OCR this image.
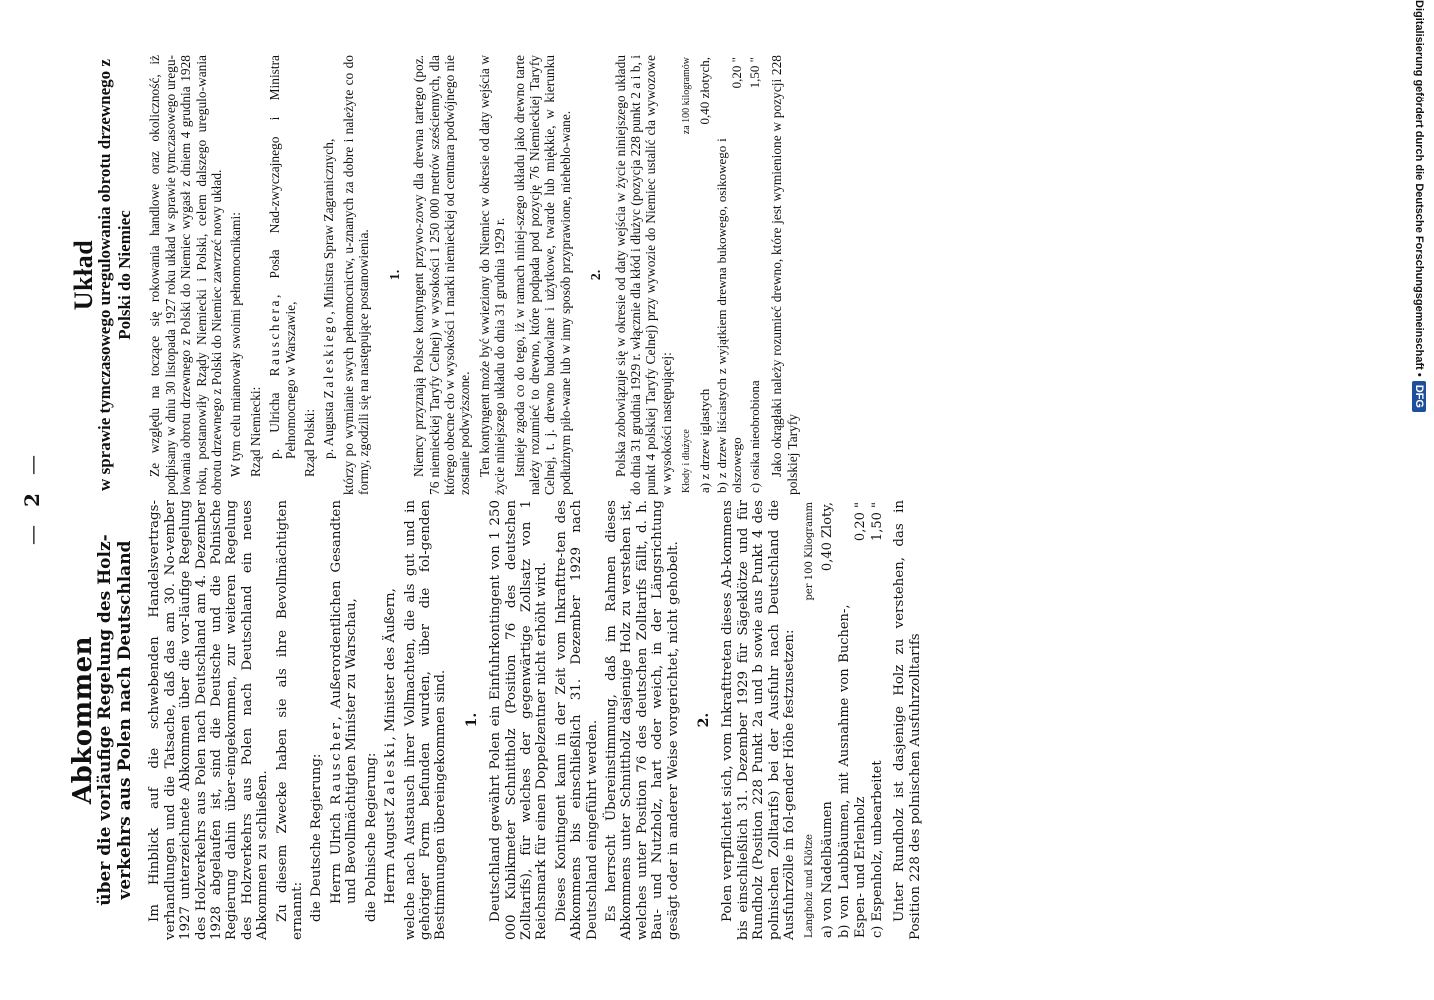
—2—
Abkommen
über die vorläufige Regelung des Holz-verkehrs aus Polen nach Deutschland Im Hinblick auf die schwebenden Handelsvertrags-verhandlungen und die Tatsache, daß das am 30. No-vember 1927 unterzeichnete Abkommen über die vor-läufige Regelung des Holzverkehrs aus Polen nach Deutschland am 4. Dezember 1928 abgelaufen ist, sind die Deutsche und die Polnische Regierung dahin über-eingekommen, zur weiteren Regelung des Holzverkehrs aus Polen nach Deutschland ein neues Abkommen zu schließen. Zu diesem Zwecke haben sie als ihre Bevollmächtigten ernannt: die Deutsche Regierung: Herrn Ulrich Rauscher, Außerordentlichen Gesandten und Bevollmächtigten Minister zu Warschau, die Polnische Regierung: Herrn August Zaleski, Minister des Äußern, welche nach Austausch ihrer Vollmachten, die als gut und in gehöriger Form befunden wurden, über die fol-genden Bestimmungen übereingekommen sind. 1. Deutschland gewährt Polen ein Einfuhrkontingent von 1 250 000 Kubikmeter Schnittholz (Position 76 des deutschen Zolltarifs), für welches der gegenwärtige Zollsatz von 1 Reichsmark für einen Doppelzentner nicht erhöht wird. Dieses Kontingent kann in der Zeit vom Inkrafttre-ten des Abkommens bis einschließlich 31. Dezember 1929 nach Deutschland eingeführt werden. Es herrscht Übereinstimmung, daß im Rahmen dieses Abkommens unter Schnittholz dasjenige Holz zu verstehen ist, welches unter Position 76 des deutschen Zolltarifs fällt, d. h. Bau- und Nutzholz, hart oder weich, in der Längsrichtung gesägt oder in anderer Weise vorgerichtet, nicht gehobelt. 2. Polen verpflichtet sich, vom Inkrafttreten dieses Ab-kommens bis einschließlich 31. Dezember 1929 für Sägeklötze und für Rundholz (Position 228 Punkt 2a und b sowie aus Punkt 4 des polnischen Zolltarifs) bei der Ausfuhr nach Deutschland die Ausfuhrzölle in fol-gender Höhe festzusetzen: Langholz und Klötze	per 100 Kilogramm
a) von Nadelbäumen	0,40 Zloty,
b) von Laubbäumen, mit Ausnahme von Buchen-, Espen- und Erlenholz	0,20 "
c) Espenholz, unbearbeitet	1,50 " Unter Rundholz ist dasjenige Holz zu verstehen, das in Position 228 des polnischen Ausfuhrzolltarifs

Układ
w sprawie tymczasowego uregulowania obrotu drzewnego z Polski do Niemiec Ze względu na toczące się rokowania handlowe oraz okoliczność, iż podpisany w dniu 30 listopada 1927 roku układ w sprawie tymczasowego uregu-lowania obrotu drzewnego z Polski do Niemiec wygasł z dniem 4 grudnia 1928 roku, postanowiły Rządy Niemiecki i Polski, celem dalszego uregulo-wania obrotu drzewnego z Polski do Niemiec zawrzeć nowy układ. W tym celu mianowały swoimi pełnomocnikami: Rząd Niemiecki: p. Ulricha Rauschera, Posła Nad-zwyczajnego i Ministra Pełnomocnego w Warszawie, Rząd Polski: p. Augusta Zaleskiego, Ministra Spraw Zagranicznych, którzy po wymianie swych pełnomocnictw, u-znanych za dobre i należyte co do formy, zgodzili się na następujące postanowienia. 1. Niemcy przyznają Polsce kontyngent przywo-zowy dla drewna tartego (poz. 76 niemieckiej Taryfy Celnej) w wysokości 1 250 000 metrów sześciennych, dla którego obecne cło w wysokości 1 marki niemieckiej od centnara podwójnego nie zostanie podwyższone. Ten kontyngent może być wwieziony do Niemiec w okresie od daty wejścia w życie niniejszego układu do dnia 31 grudnia 1929 r. Istnieje zgoda co do tego, iż w ramach niniej-szego układu jako drewno tarte należy rozumieć to drewno, które podpada pod pozycję 76 Niemieckiej Taryfy Celnej, t. j. drewno budowlane i użytkowe, twarde lub miękkie, w kierunku podłużnym piło-wane lub w inny sposób przyprawione, nieheblo-wane. 2. Polska zobowiązuje się w okresie od daty wejścia w życie niniejszego układu do dnia 31 grudnia 1929 r. włącznie dla kłód i dłużyc (pozycja 228 punkt 2 a i b, i punkt 4 polskiej Taryfy Celnej) przy wywozie do Niemiec ustalić cła wywozowe w wysokości następującej: Kłody i dłużyce	za 100 kilogramów
a) z drzew iglastych	0,40 złotych,
b) z drzew liściastych z wyjątkiem drewna bukowego, osikowego i olszowego	0,20 "
c) osika nieobrobiona	1,50 " Jako okrągłaki należy rozumieć drewno, które jest wymienione w pozycji 228 polskiej Taryfy

Digitalisierung gefördert durch die Deutsche Forschungsgemeinschaft •DFG
